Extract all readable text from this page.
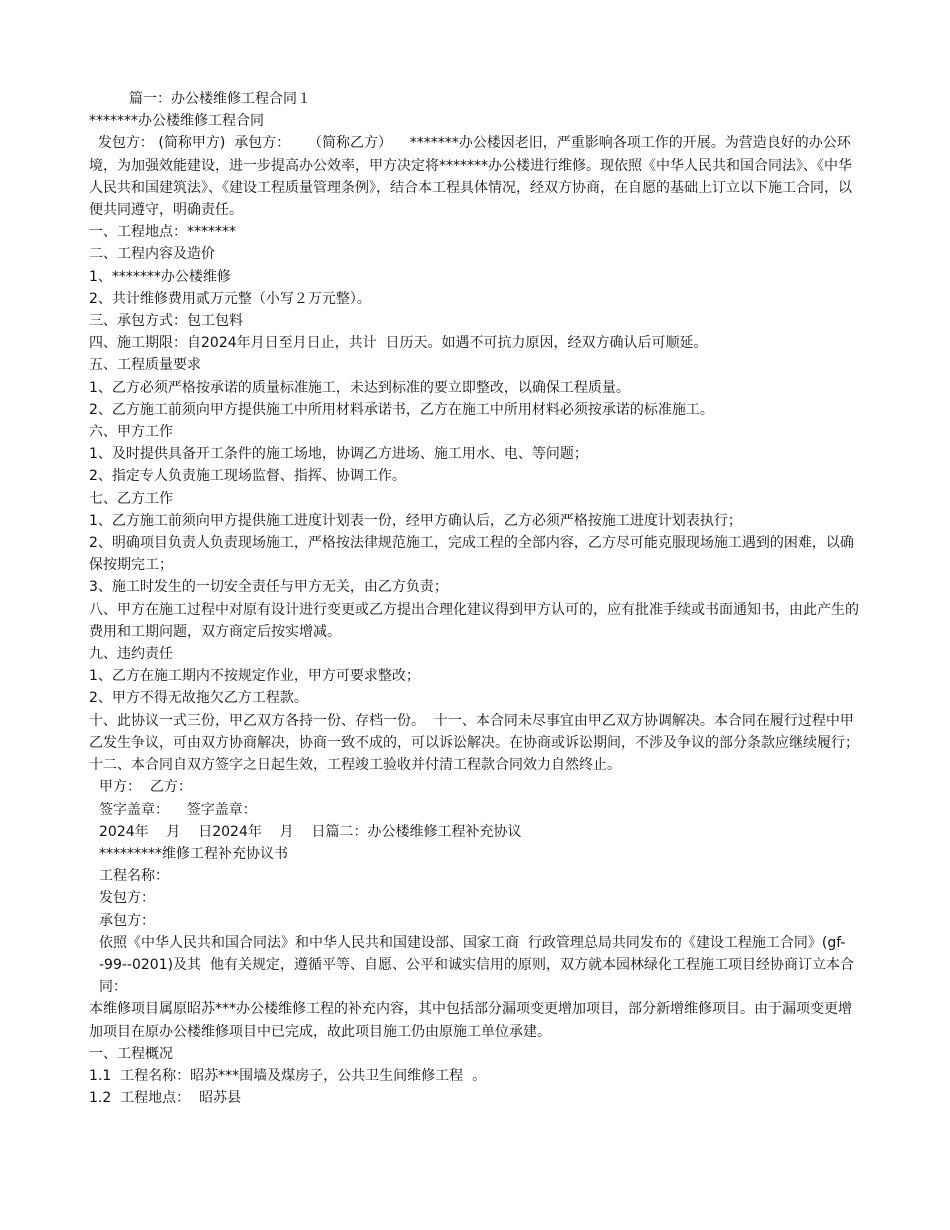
篇一：办公楼维修工程合同１

*******办公楼维修工程合同

发包方： (简称甲方)  承包方：    （简称乙方）    *******办公楼因老旧，严重影响各项工作的开展。为营造良好的办公环境，为加强效能建设，进一步提高办公效率，甲方决定将*******办公楼进行维修。现依照《中华人民共和国合同法》、《中华人民共和国建筑法》、《建设工程质量管理条例》，结合本工程具体情况，经双方协商，在自愿的基础上订立以下施工合同，以便共同遵守，明确责任。

一、工程地点：*******

二、工程内容及造价

1、*******办公楼维修

2、共计维修费用贰万元整（小写２万元整）。

三、承包方式：包工包料

四、施工期限：自2024年月日至月日止，共计  日历天。如遇不可抗力原因，经双方确认后可顺延。

五、工程质量要求

1、乙方必须严格按承诺的质量标准施工，未达到标准的要立即整改，以确保工程质量。

2、乙方施工前须向甲方提供施工中所用材料承诺书，乙方在施工中所用材料必须按承诺的标准施工。

六、甲方工作

1、及时提供具备开工条件的施工场地，协调乙方进场、施工用水、电、等问题；

2、指定专人负责施工现场监督、指挥、协调工作。

七、乙方工作

1、乙方施工前须向甲方提供施工进度计划表一份，经甲方确认后，乙方必须严格按施工进度计划表执行；

2、明确项目负责人负责现场施工，严格按法律规范施工，完成工程的全部内容，乙方尽可能克服现场施工遇到的困难，以确保按期完工；

3、施工时发生的一切安全责任与甲方无关，由乙方负责；

八、甲方在施工过程中对原有设计进行变更或乙方提出合理化建议得到甲方认可的，应有批准手续或书面通知书，由此产生的费用和工期问题，双方商定后按实增减。

九、违约责任

1、乙方在施工期内不按规定作业，甲方可要求整改；

2、甲方不得无故拖欠乙方工程款。

十、此协议一式三份，甲乙双方各持一份、存档一份。  十一、本合同未尽事宜由甲乙双方协调解决。本合同在履行过程中甲乙发生争议，可由双方协商解决，协商一致不成的，可以诉讼解决。在协商或诉讼期间，不涉及争议的部分条款应继续履行；

十二、本合同自双方签字之日起生效，工程竣工验收并付清工程款合同效力自然终止。

甲方：  乙方：

签字盖章：    签字盖章：

2024年    月    日2024年    月    日篇二：办公楼维修工程补充协议

*********维修工程补充协议书

工程名称：

发包方：

承包方：

依照《中华人民共和国合同法》和中华人民共和国建设部、国家工商  行政管理总局共同发布的《建设工程施工合同》(gf--99--0201)及其  他有关规定，遵循平等、自愿、公平和诚实信用的原则，双方就本园林绿化工程施工项目经协商订立本合同：

本维修项目属原昭苏***办公楼维修工程的补充内容，其中包括部分漏项变更增加项目，部分新增维修项目。由于漏项变更增加项目在原办公楼维修项目中已完成，故此项目施工仍由原施工单位承建。

一、工程概况

1.1  工程名称：昭苏***围墙及煤房子，公共卫生间维修工程  。

1.2  工程地点：  昭苏县
